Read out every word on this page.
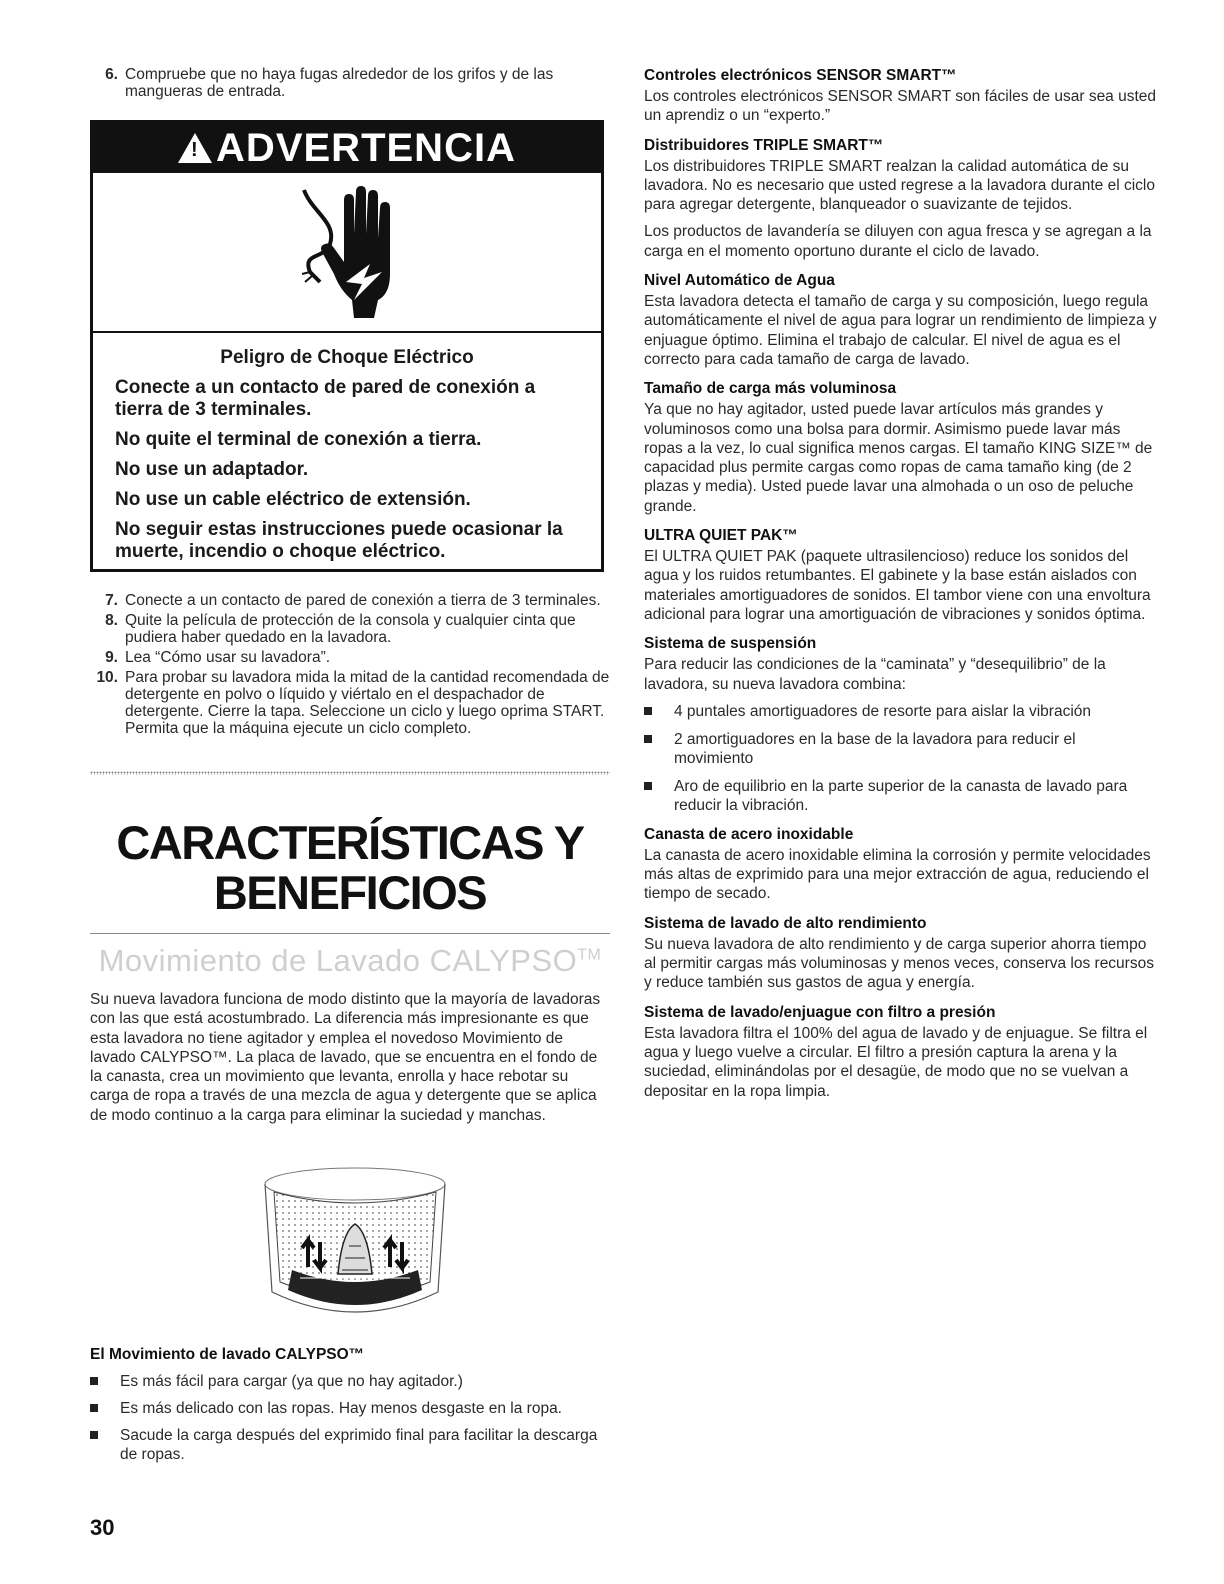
6. Compruebe que no haya fugas alrededor de los grifos y de las mangueras de entrada.
! ADVERTENCIA
Peligro de Choque Eléctrico

Conecte a un contacto de pared de conexión a tierra de 3 terminales.

No quite el terminal de conexión a tierra.

No use un adaptador.

No use un cable eléctrico de extensión.

No seguir estas instrucciones puede ocasionar la muerte, incendio o choque eléctrico.

7. Conecte a un contacto de pared de conexión a tierra de 3 terminales.
8. Quite la película de protección de la consola y cualquier cinta que pudiera haber quedado en la lavadora.
9. Lea “Cómo usar su lavadora”.
10. Para probar su lavadora mida la mitad de la cantidad recomendada de detergente en polvo o líquido y viértalo en el despachador de detergente. Cierre la tapa. Seleccione un ciclo y luego oprima START. Permita que la máquina ejecute un ciclo completo.
CARACTERÍSTICAS Y
BENEFICIOS
Movimiento de Lavado CALYPSO™
Su nueva lavadora funciona de modo distinto que la mayoría de lavadoras con las que está acostumbrado. La diferencia más impresionante es que esta lavadora no tiene agitador y emplea el novedoso Movimiento de lavado CALYPSO™. La placa de lavado, que se encuentra en el fondo de la canasta, crea un movimiento que levanta, enrolla y hace rebotar su carga de ropa a través de una mezcla de agua y detergente que se aplica de modo continuo a la carga para eliminar la suciedad y manchas.
El Movimiento de lavado CALYPSO™
Es más fácil para cargar (ya que no hay agitador.)
Es más delicado con las ropas. Hay menos desgaste en la ropa.
Sacude la carga después del exprimido final para facilitar la descarga de ropas.
30
Controles electrónicos SENSOR SMART™

Los controles electrónicos SENSOR SMART son fáciles de usar sea usted un aprendiz o un “experto.”

Distribuidores TRIPLE SMART™

Los distribuidores TRIPLE SMART realzan la calidad automática de su lavadora. No es necesario que usted regrese a la lavadora durante el ciclo para agregar detergente, blanqueador o suavizante de tejidos.

Los productos de lavandería se diluyen con agua fresca y se agregan a la carga en el momento oportuno durante el ciclo de lavado.

Nivel Automático de Agua

Esta lavadora detecta el tamaño de carga y su composición, luego regula automáticamente el nivel de agua para lograr un rendimiento de limpieza y enjuague óptimo. Elimina el trabajo de calcular. El nivel de agua es el correcto para cada tamaño de carga de lavado.

Tamaño de carga más voluminosa

Ya que no hay agitador, usted puede lavar artículos más grandes y voluminosos como una bolsa para dormir. Asimismo puede lavar más ropas a la vez, lo cual significa menos cargas. El tamaño KING SIZE™ de capacidad plus permite cargas como ropas de cama tamaño king (de 2 plazas y media). Usted puede lavar una almohada o un oso de peluche grande.

ULTRA QUIET PAK™

El ULTRA QUIET PAK (paquete ultrasilencioso) reduce los sonidos del agua y los ruidos retumbantes. El gabinete y la base están aislados con materiales amortiguadores de sonidos. El tambor viene con una envoltura adicional para lograr una amortiguación de vibraciones y sonidos óptima.

Sistema de suspensión

Para reducir las condiciones de la “caminata” y “desequilibrio” de la lavadora, su nueva lavadora combina:

4 puntales amortiguadores de resorte para aislar la vibración
2 amortiguadores en la base de la lavadora para reducir el movimiento
Aro de equilibrio en la parte superior de la canasta de lavado para reducir la vibración.
Canasta de acero inoxidable

La canasta de acero inoxidable elimina la corrosión y permite velocidades más altas de exprimido para una mejor extracción de agua, reduciendo el tiempo de secado.

Sistema de lavado de alto rendimiento

Su nueva lavadora de alto rendimiento y de carga superior ahorra tiempo al permitir cargas más voluminosas y menos veces, conserva los recursos y reduce también sus gastos de agua y energía.

Sistema de lavado/enjuague con filtro a presión

Esta lavadora filtra el 100% del agua de lavado y de enjuague. Se filtra el agua y luego vuelve a circular. El filtro a presión captura la arena y la suciedad, eliminándolas por el desagüe, de modo que no se vuelvan a depositar en la ropa limpia.
